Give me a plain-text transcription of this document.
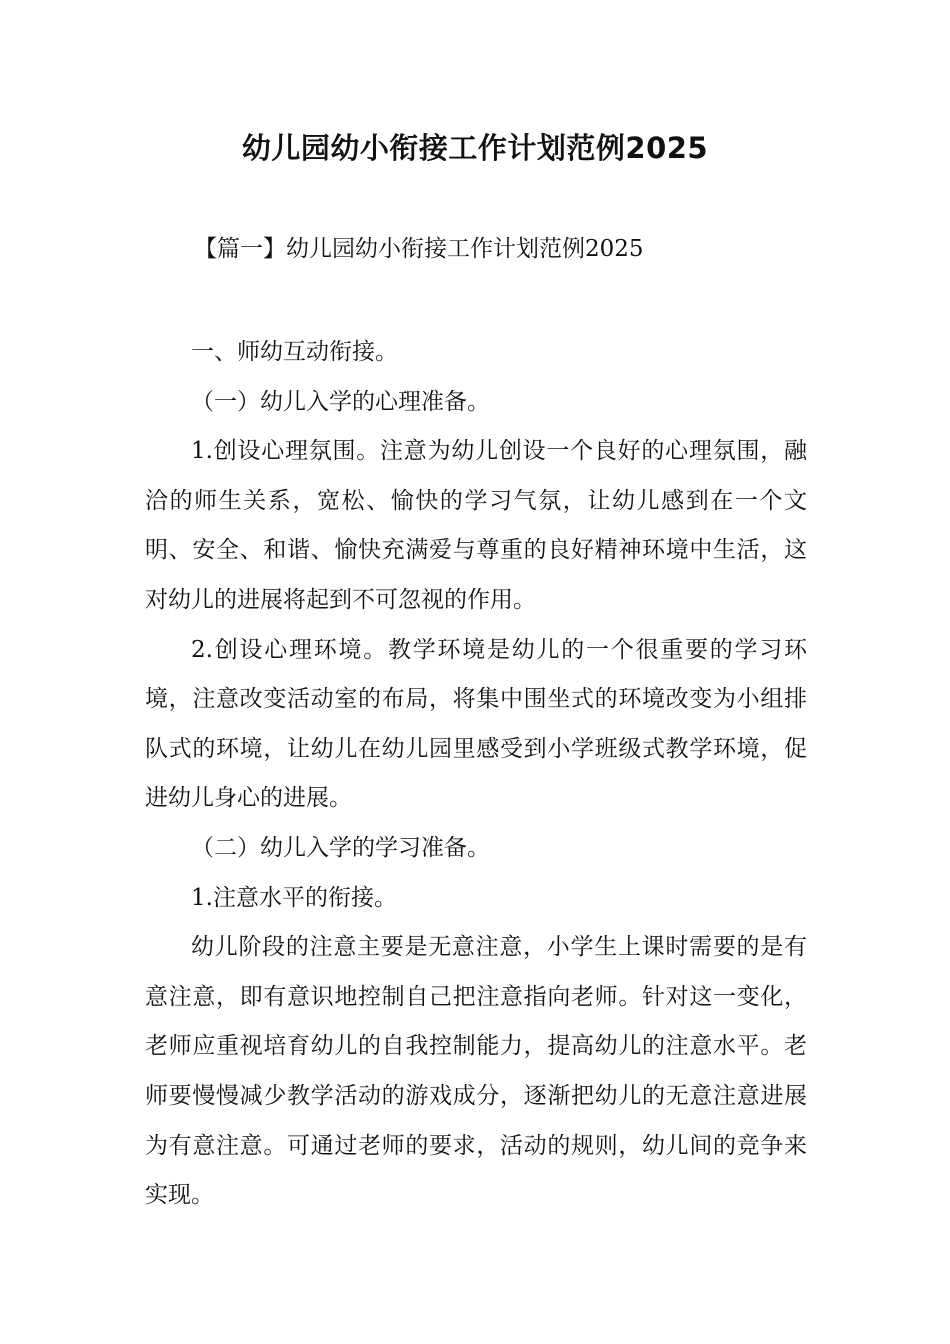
幼儿园幼小衔接工作计划范例2025
【篇一】幼儿园幼小衔接工作计划范例2025

一、师幼互动衔接。

（一）幼儿入学的心理准备。

1.创设心理氛围。注意为幼儿创设一个良好的心理氛围，融洽的师生关系，宽松、愉快的学习气氛，让幼儿感到在一个文明、安全、和谐、愉快充满爱与尊重的良好精神环境中生活，这对幼儿的进展将起到不可忽视的作用。

2.创设心理环境。教学环境是幼儿的一个很重要的学习环境，注意改变活动室的布局，将集中围坐式的环境改变为小组排队式的环境，让幼儿在幼儿园里感受到小学班级式教学环境，促进幼儿身心的进展。

（二）幼儿入学的学习准备。

1.注意水平的衔接。

幼儿阶段的注意主要是无意注意，小学生上课时需要的是有意注意，即有意识地控制自己把注意指向老师。针对这一变化，老师应重视培育幼儿的自我控制能力，提高幼儿的注意水平。老师要慢慢减少教学活动的游戏成分，逐渐把幼儿的无意注意进展为有意注意。可通过老师的要求，活动的规则，幼儿间的竞争来实现。
